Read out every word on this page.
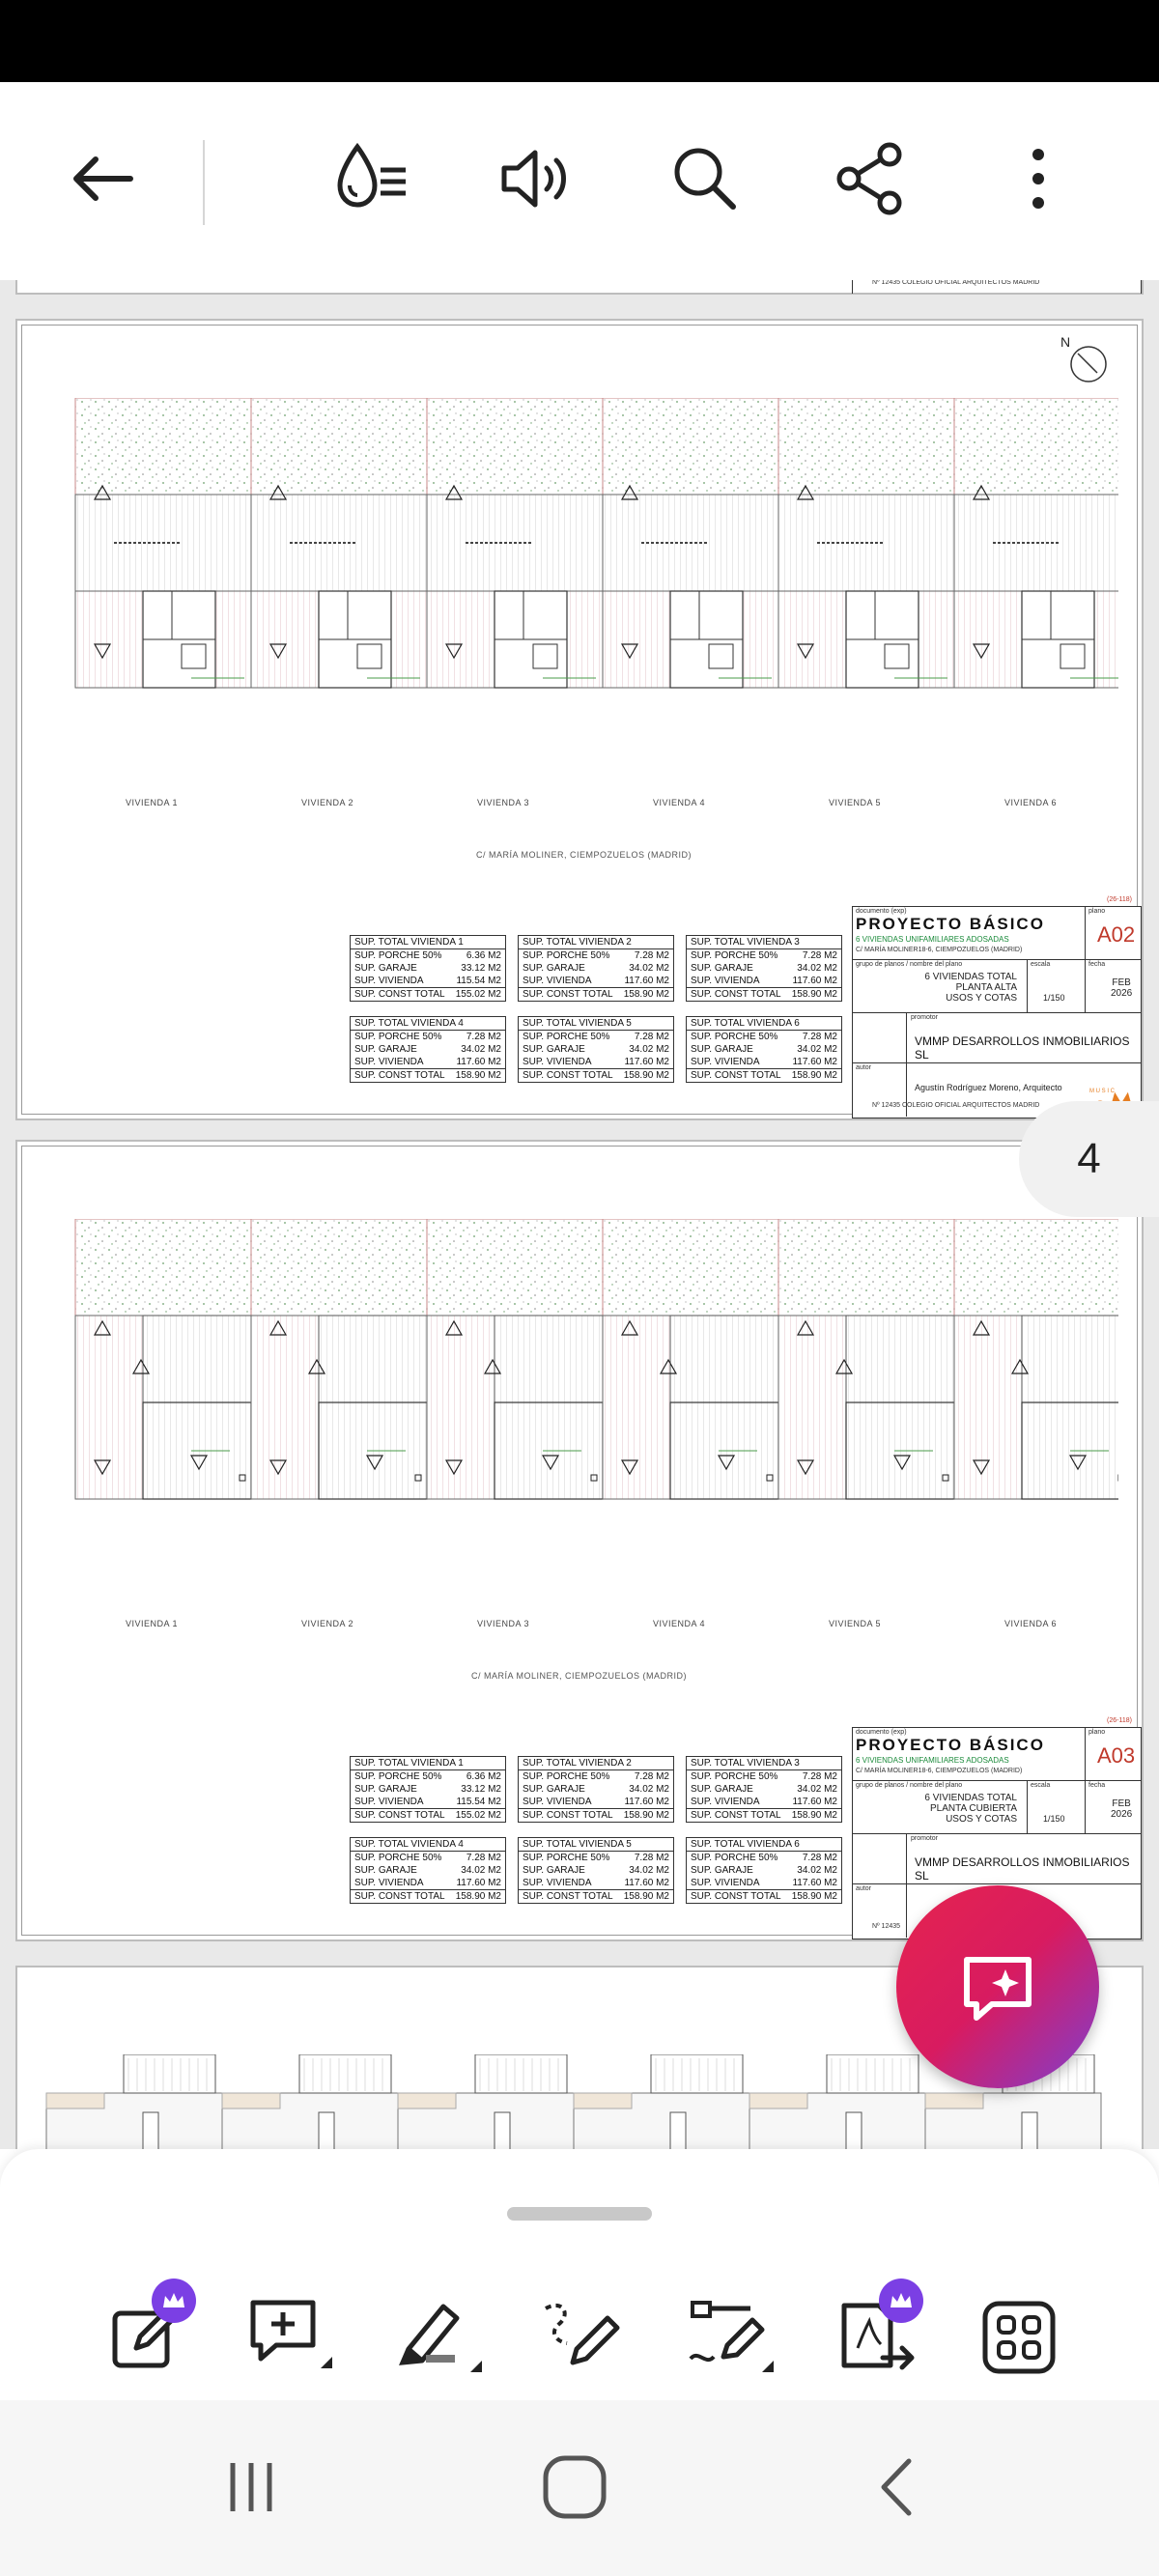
Nº 12435 COLEGIO OFICIAL ARQUITECTOS MADRID
N
VIVIENDA 1	VIVIENDA 2	VIVIENDA 3	VIVIENDA 4	VIVIENDA 5	VIVIENDA 6
C/ MARÍA MOLINER, CIEMPOZUELOS (MADRID)
SUP. TOTAL VIVIENDA 1
SUP. PORCHE 50%	6.36 M2
SUP. GARAJE	33.12 M2
SUP. VIVIENDA	115.54 M2
SUP. CONST TOTAL 155.02 M2
SUP. TOTAL VIVIENDA 2
SUP. PORCHE 50%	7.28 M2
SUP. GARAJE	34.02 M2
SUP. VIVIENDA	117.60 M2
SUP. CONST TOTAL 158.90 M2
SUP. TOTAL VIVIENDA 3
SUP. PORCHE 50%	7.28 M2
SUP. GARAJE	34.02 M2
SUP. VIVIENDA	117.60 M2
SUP. CONST TOTAL 158.90 M2
SUP. TOTAL VIVIENDA 4
SUP. PORCHE 50%	7.28 M2
SUP. GARAJE	34.02 M2
SUP. VIVIENDA	117.60 M2
SUP. CONST TOTAL 158.90 M2
SUP. TOTAL VIVIENDA 5
SUP. PORCHE 50%	7.28 M2
SUP. GARAJE	34.02 M2
SUP. VIVIENDA	117.60 M2
SUP. CONST TOTAL 158.90 M2
SUP. TOTAL VIVIENDA 6
SUP. PORCHE 50%	7.28 M2
SUP. GARAJE	34.02 M2
SUP. VIVIENDA	117.60 M2
SUP. CONST TOTAL 158.90 M2
(26-118)
documento (exp)
PROYECTO BÁSICO
6 VIVIENDAS UNIFAMILIARES ADOSADAS
C/ MARÍA MOLINER18-6, CIEMPOZUELOS (MADRID)
plano
A02
grupo de planos / nombre del plano
6 VIVIENDAS TOTAL
PLANTA ALTA
USOS Y COTAS
escala
1/150
fecha
FEB
2026
promotor
VMMP DESARROLLOS INMOBILIARIOS SL
autor
Agustín Rodríguez Moreno, Arquitecto
Nº 12435 COLEGIO OFICIAL ARQUITECTOS MADRID
M U S I C
VIVIENDA 1	VIVIENDA 2	VIVIENDA 3	VIVIENDA 4	VIVIENDA 5	VIVIENDA 6
C/ MARÍA MOLINER, CIEMPOZUELOS (MADRID)
SUP. TOTAL VIVIENDA 1
SUP. PORCHE 50%	6.36 M2
SUP. GARAJE	33.12 M2
SUP. VIVIENDA	115.54 M2
SUP. CONST TOTAL 155.02 M2
SUP. TOTAL VIVIENDA 2
SUP. PORCHE 50%	7.28 M2
SUP. GARAJE	34.02 M2
SUP. VIVIENDA	117.60 M2
SUP. CONST TOTAL 158.90 M2
SUP. TOTAL VIVIENDA 3
SUP. PORCHE 50%	7.28 M2
SUP. GARAJE	34.02 M2
SUP. VIVIENDA	117.60 M2
SUP. CONST TOTAL 158.90 M2
SUP. TOTAL VIVIENDA 4
SUP. PORCHE 50%	7.28 M2
SUP. GARAJE	34.02 M2
SUP. VIVIENDA	117.60 M2
SUP. CONST TOTAL 158.90 M2
SUP. TOTAL VIVIENDA 5
SUP. PORCHE 50%	7.28 M2
SUP. GARAJE	34.02 M2
SUP. VIVIENDA	117.60 M2
SUP. CONST TOTAL 158.90 M2
SUP. TOTAL VIVIENDA 6
SUP. PORCHE 50%	7.28 M2
SUP. GARAJE	34.02 M2
SUP. VIVIENDA	117.60 M2
SUP. CONST TOTAL 158.90 M2
(26-118)
documento (exp)
PROYECTO BÁSICO
6 VIVIENDAS UNIFAMILIARES ADOSADAS
C/ MARÍA MOLINER18-6, CIEMPOZUELOS (MADRID)
plano
A03
grupo de planos / nombre del plano
6 VIVIENDAS TOTAL
PLANTA CUBIERTA
USOS Y COTAS
escala
1/150
fecha
FEB
2026
promotor
VMMP DESARROLLOS INMOBILIARIOS SL
autor
Nº 12435
4
